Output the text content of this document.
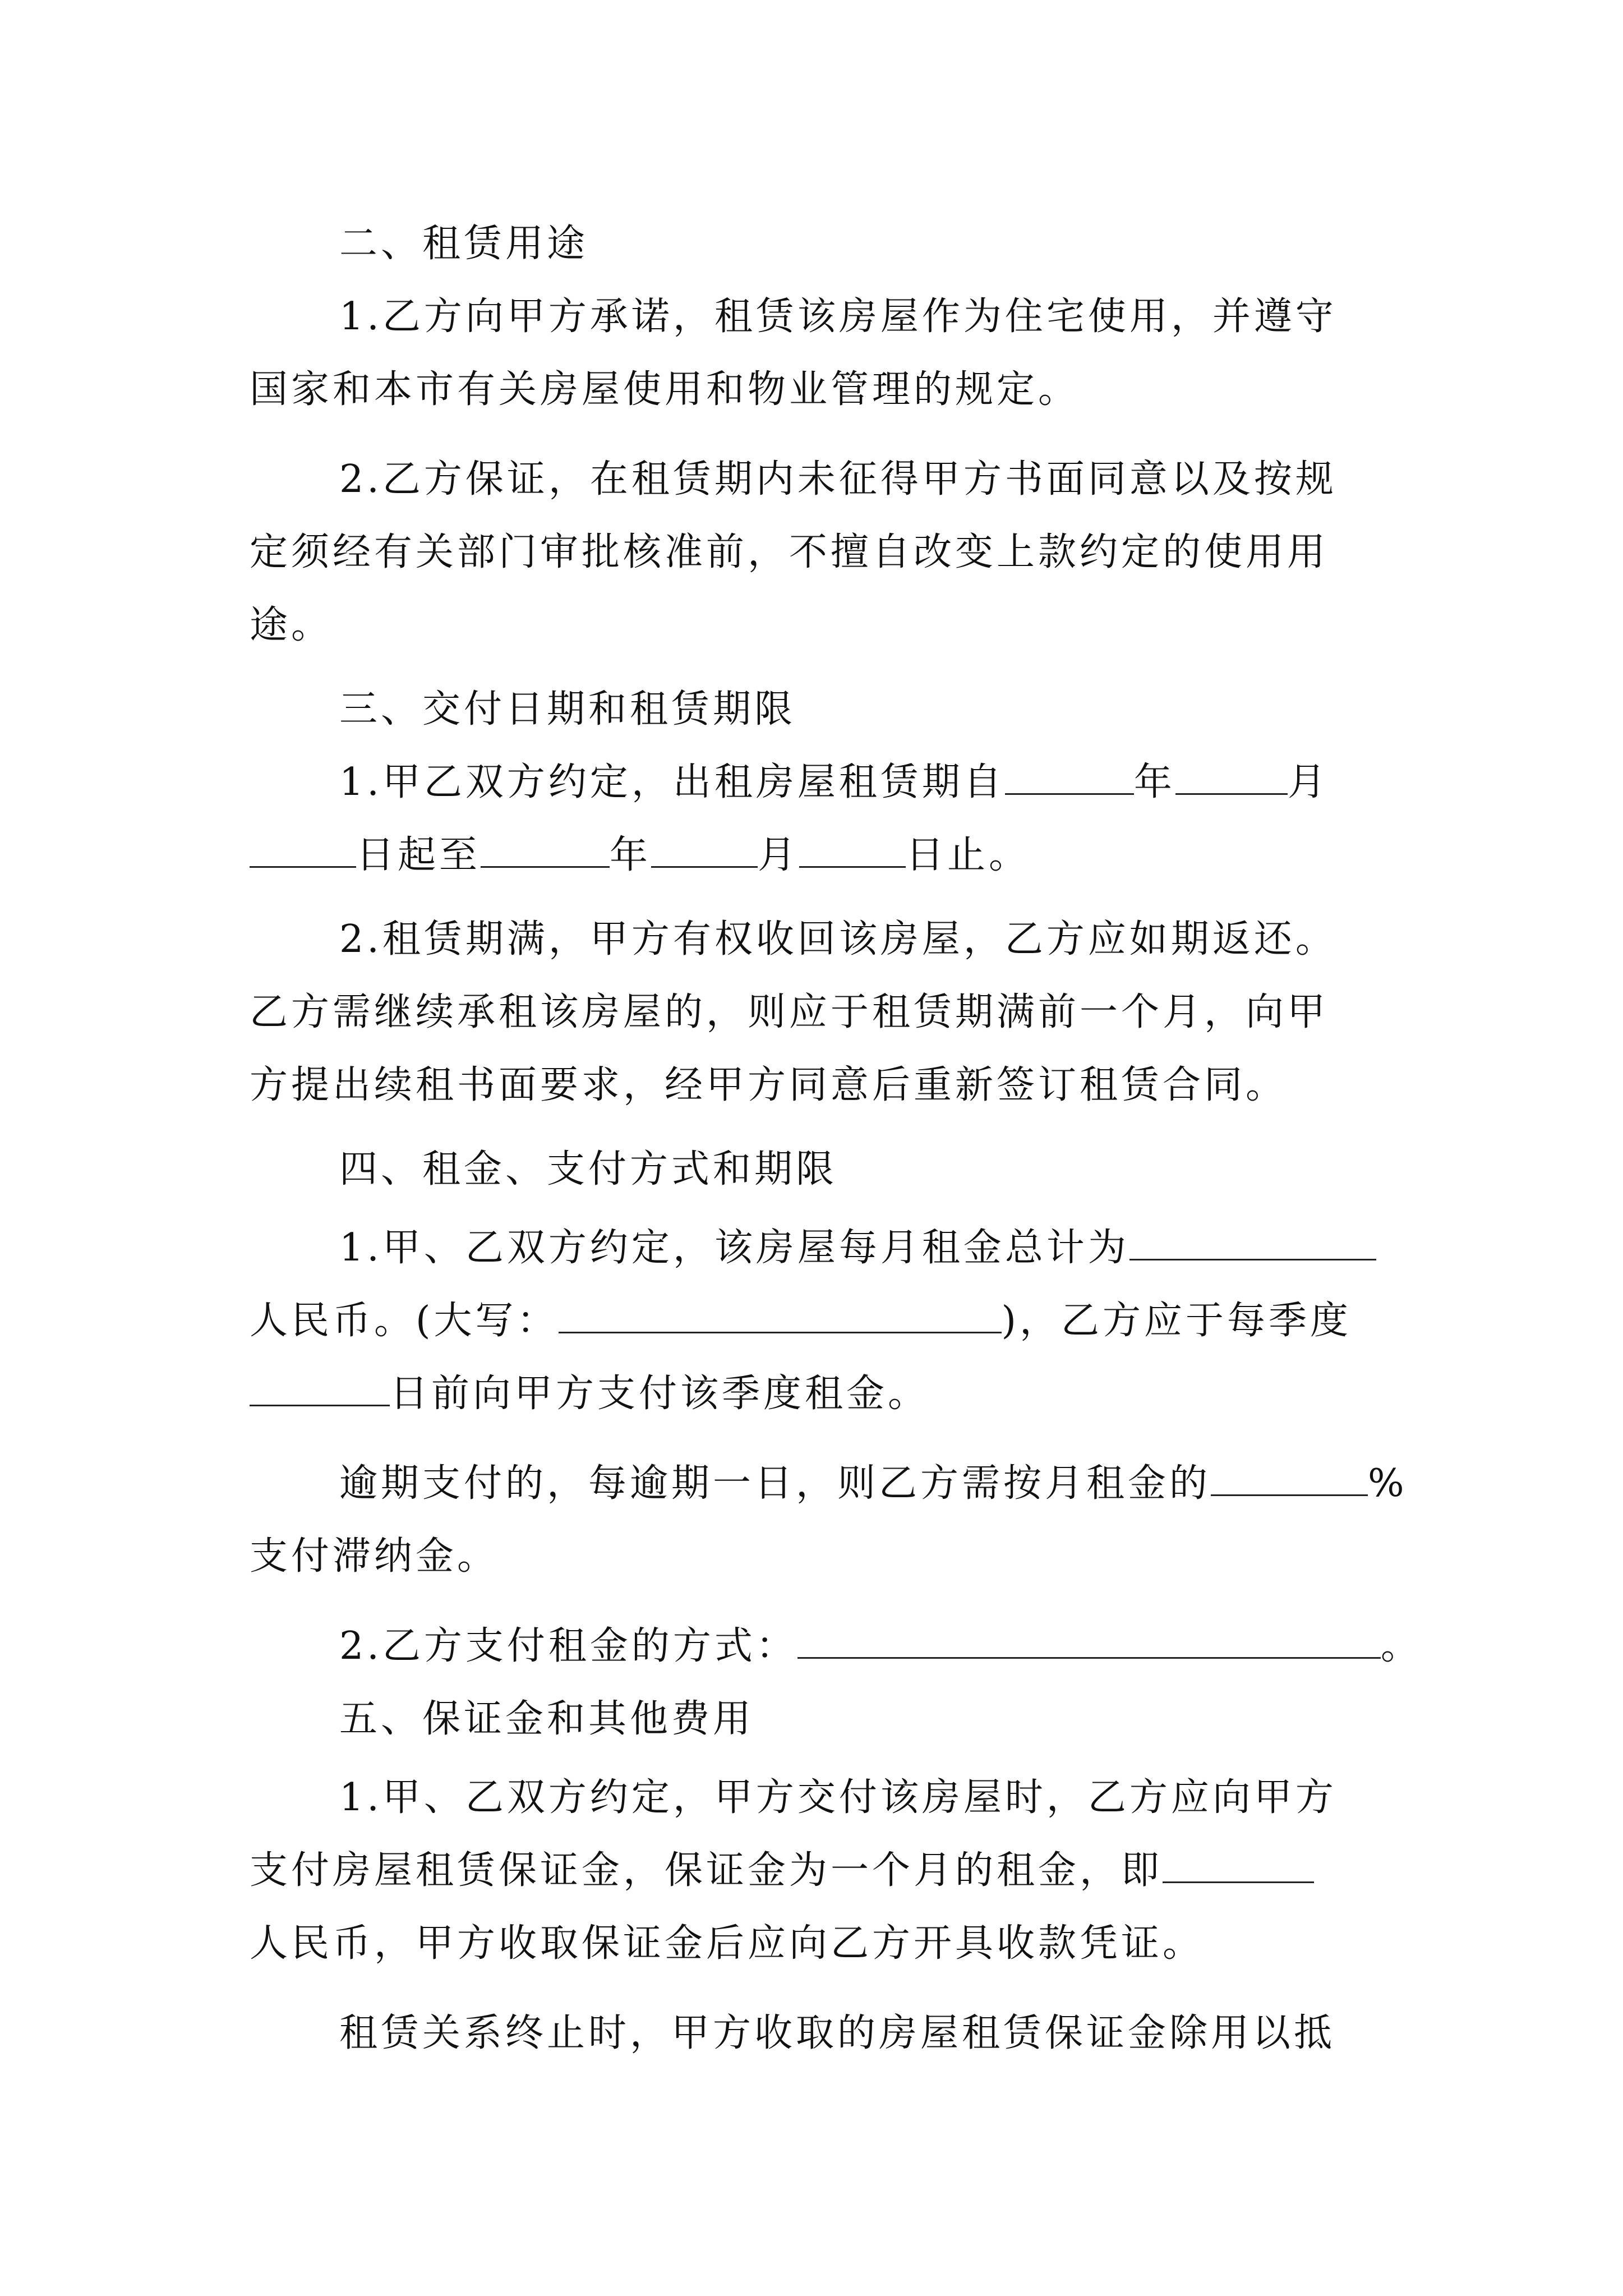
二、租赁用途
1.乙方向甲方承诺，租赁该房屋作为住宅使用，并遵守
国家和本市有关房屋使用和物业管理的规定。
2.乙方保证，在租赁期内未征得甲方书面同意以及按规
定须经有关部门审批核准前，不擅自改变上款约定的使用用
途。
三、交付日期和租赁期限
1.甲乙双方约定，出租房屋租赁期自	年	月
日起至	年	月	日止。
2.租赁期满，甲方有权收回该房屋，乙方应如期返还。
乙方需继续承租该房屋的，则应于租赁期满前一个月，向甲
方提出续租书面要求，经甲方同意后重新签订租赁合同。
四、租金、支付方式和期限
1.甲、乙双方约定，该房屋每月租金总计为
人民币。(大写：	)，乙方应于每季度
日前向甲方支付该季度租金。
逾期支付的，每逾期一日，则乙方需按月租金的	%
支付滞纳金。
2.乙方支付租金的方式：	。
五、保证金和其他费用
1.甲、乙双方约定，甲方交付该房屋时，乙方应向甲方
支付房屋租赁保证金，保证金为一个月的租金，即
人民币，甲方收取保证金后应向乙方开具收款凭证。
租赁关系终止时，甲方收取的房屋租赁保证金除用以抵
